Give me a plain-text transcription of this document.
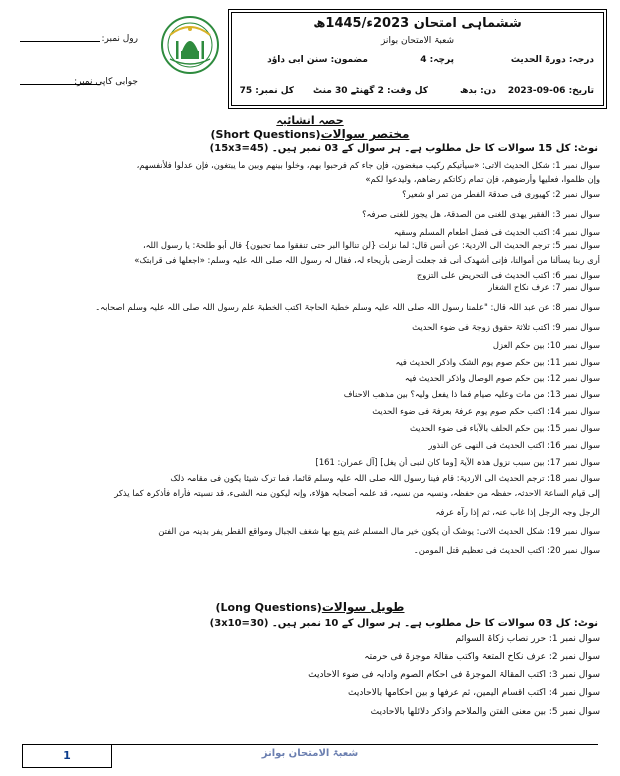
رول نمبر:
جوابی کاپی نمبر:
ششماہی امتحان 2023ء/1445ھ
شعبۃ الامتحان بوانز
درجہ: دورۃ الحدیث
پرچہ: 4
مضمون: سنن ابی داؤد
تاریخ: 06-09-2023
دن: بدھ
کل وقت: 2 گھنٹے 30 منٹ
کل نمبر: 75
حصہ انشائیہ
(Short Questions)مختصر سوالات
نوٹ: کل 15 سوالات کا حل مطلوب ہے۔ ہر سوال کے 03 نمبر ہیں۔ (15x3=45)
سوال نمبر 1: شکل الحدیث الاتی: «سیأتیکم رکیب مبغضون، فإن جاء کم فرحبوا بھم، وخلوا بینھم وبین ما یبتغون، فإن عدلوا فلأنفسھم،
وإن ظلموا، فعلیھا وأرضوھم، فإن تمام زکاتکم رضاھم، ولیدعوا لکم»
سوال نمبر 2: کھیوری فی صدقۃ الفطر من تمر او شعیر؟
سوال نمبر 3: الفقیر یھدی للغنی من الصدقۃ، ھل یجوز للغنی صرفہ؟
سوال نمبر 4: اکتب الحدیث فی فضل اطعام المسلم وسقیہ
سوال نمبر 5: ترجم الحدیث الی الاردیۃ: عن أنس قال: لما نزلت {لن تنالوا البر حتی تنفقوا مما تحبون} قال أبو طلحۃ: یا رسول اللہ،
أری ربنا یسألنا من أموالنا، فإنی أشھدک أنی قد جعلت أرضی بأریحاء لہ، فقال لہ رسول اللہ صلی اللہ علیہ وسلم: «اجعلھا فی قرابتک»
سوال نمبر 6: اکتب الحدیث فی التحریض علی التزوج
سوال نمبر 7: عرف نکاح الشغار
سوال نمبر 8: عن عبد اللہ قال: "علمنا رسول اللہ صلی اللہ علیہ وسلم خطبۃ الحاجۃ اکتب الخطبۃ علم رسول اللہ صلی اللہ علیہ وسلم اصحابہ۔
سوال نمبر 9: اکتب ثلاثۃ حقوق زوجۃ فی ضوء الحدیث
سوال نمبر 10: بین حکم العزل
سوال نمبر 11: بین حکم صوم یوم الشک واذکر الحدیث فیہ
سوال نمبر 12: بین حکم صوم الوصال واذکر الحدیث فیہ
سوال نمبر 13: من مات وعلیہ صیام فما ذا یفعل ولیہ؟ بین مذھب الاحناف
سوال نمبر 14: اکتب حکم صوم یوم عرفۃ بعرفۃ فی ضوء الحدیث
سوال نمبر 15: بین حکم الحلف بالآباء فی ضوء الحدیث
سوال نمبر 16: اکتب الحدیث فی النھی عن النذور
سوال نمبر 17: بین سبب نزول ھذہ الآیۃ [وما کان لنبی أن یغل] [آل عمران: 161]
سوال نمبر 18: ترجم الحدیث الی الاردیۃ: قام فینا رسول اللہ صلی اللہ علیہ وسلم قائما، فما ترک شیئا یکون فی مقامہ ذلک
إلی قیام الساعۃ الاحدثہ، حفظہ من حفظہ، ونسیہ من نسیہ، قد علمہ أصحابہ ھؤلاء، وإنہ لیکون منہ الشیء، قد نسیتہ فأراہ فأذکرہ کما یذکر
الرجل وجہ الرجل إذا غاب عنہ، ثم إذا رآہ عرفہ
سوال نمبر 19: شکل الحدیث الاتی: یوشک أن یکون خیر مال المسلم غنم یتبع بھا شغف الجبال ومواقع القطر یفر بدینہ من الفتن
سوال نمبر 20: اکتب الحدیث فی تعظیم قتل المومن۔
(Long Questions)طویل سوالات
نوٹ: کل 03 سوالات کا حل مطلوب ہے۔ ہر سوال کے 10 نمبر ہیں۔ (3x10=30)
سوال نمبر 1: حرر نصاب زکاۃ السوائم
سوال نمبر 2: عرف نکاح المتعۃ واکتب مقالۃ موجزۃ فی حرمتہ
سوال نمبر 3: اکتب المقالۃ الموجزۃ فی احکام الصوم وآدابہ فی ضوء الاحادیث
سوال نمبر 4: اکتب اقسام الیمین، ثم عرفھا و بین احکامھا بالاحادیث
سوال نمبر 5: بین معنی الفتن والملاحم واذکر دلائلھا بالاحادیث
1	شعبۃ الامتحان بوانز
